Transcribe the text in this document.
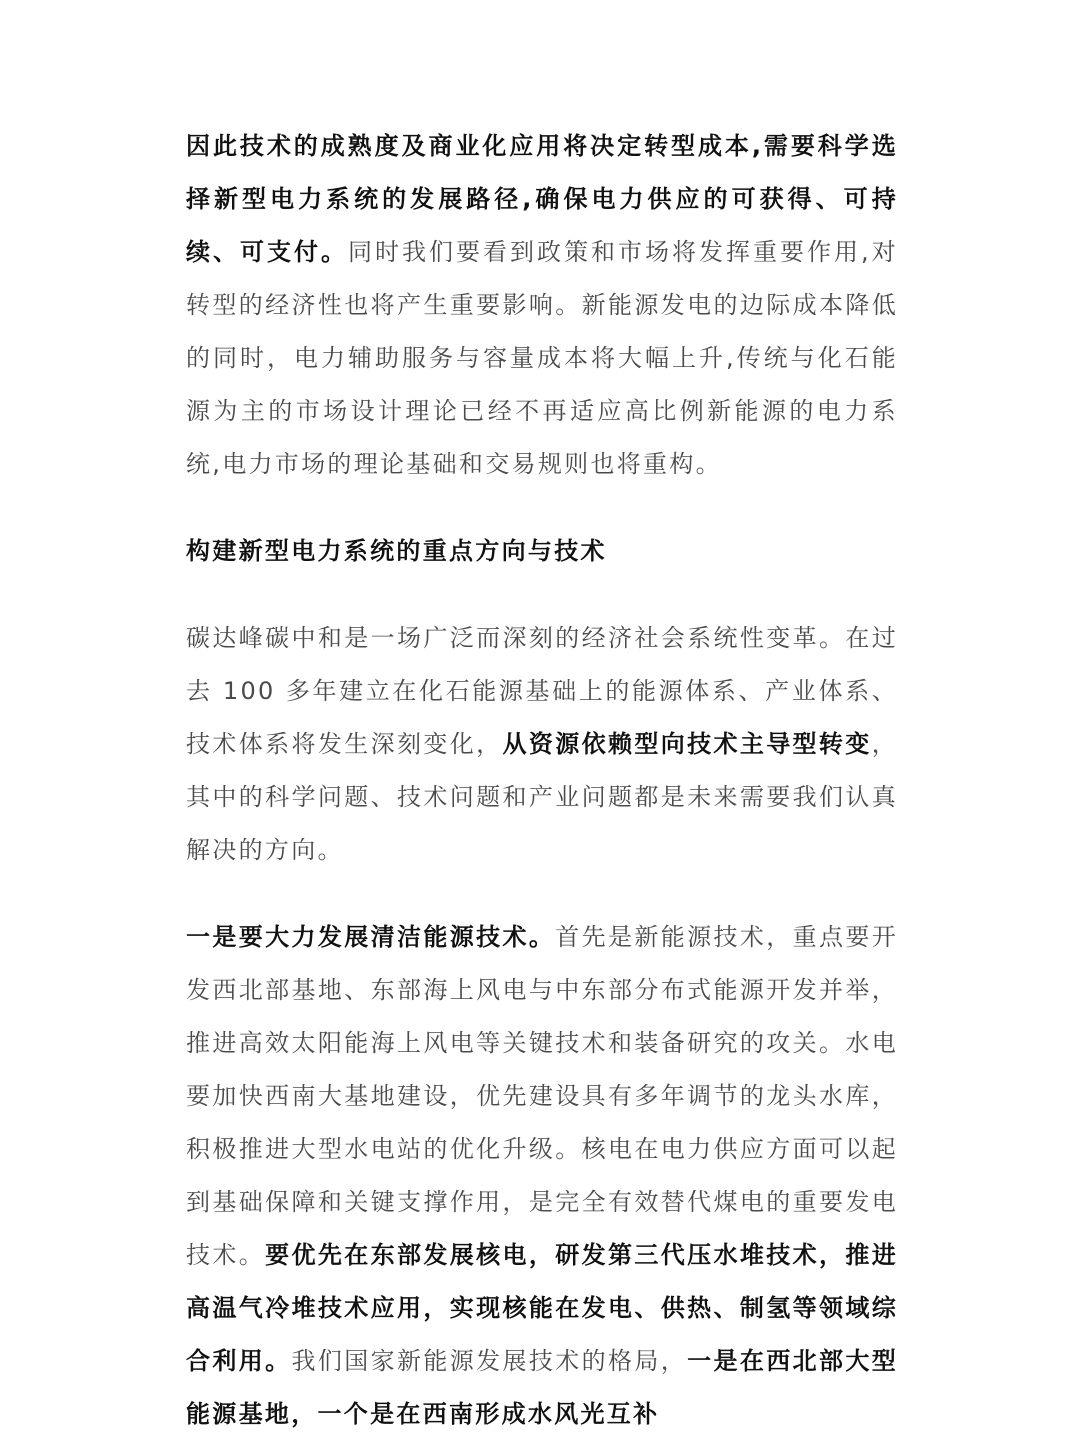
因此技术的成熟度及商业化应用将决定转型成本,需要科学选择新型电力系统的发展路径,确保电力供应的可获得、可持续、可支付。同时我们要看到政策和市场将发挥重要作用,对转型的经济性也将产生重要影响。新能源发电的边际成本降低的同时，电力辅助服务与容量成本将大幅上升,传统与化石能源为主的市场设计理论已经不再适应高比例新能源的电力系统,电力市场的理论基础和交易规则也将重构。

构建新型电力系统的重点方向与技术

碳达峰碳中和是一场广泛而深刻的经济社会系统性变革。在过去 100 多年建立在化石能源基础上的能源体系、产业体系、技术体系将发生深刻变化，从资源依赖型向技术主导型转变，其中的科学问题、技术问题和产业问题都是未来需要我们认真解决的方向。

一是要大力发展清洁能源技术。首先是新能源技术，重点要开发西北部基地、东部海上风电与中东部分布式能源开发并举，推进高效太阳能海上风电等关键技术和装备研究的攻关。水电要加快西南大基地建设，优先建设具有多年调节的龙头水库，积极推进大型水电站的优化升级。核电在电力供应方面可以起到基础保障和关键支撑作用，是完全有效替代煤电的重要发电技术。要优先在东部发展核电，研发第三代压水堆技术，推进高温气冷堆技术应用，实现核能在发电、供热、制氢等领域综合利用。我们国家新能源发展技术的格局，一是在西北部大型能源基地，一个是在西南形成水风光互补
